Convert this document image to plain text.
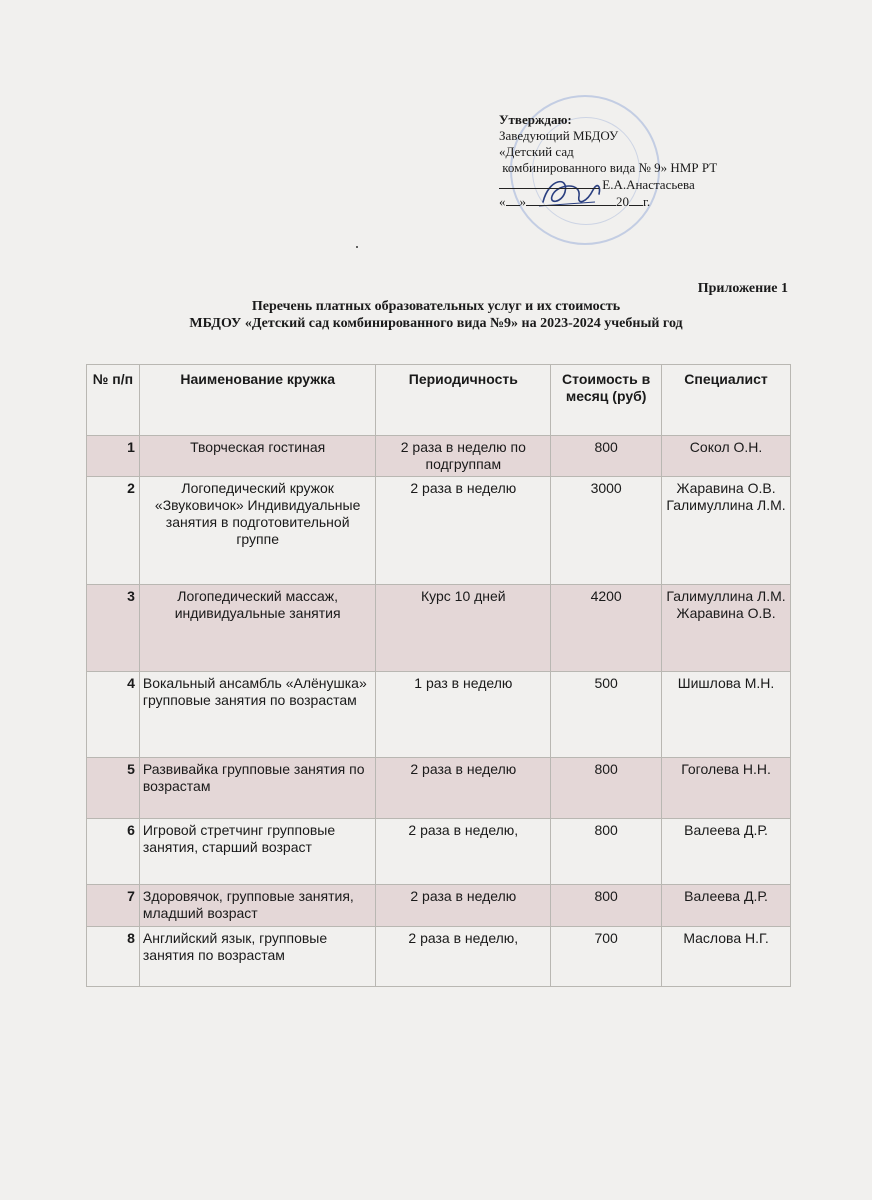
Утверждаю:
Заведующий МБДОУ
«Детский сад
комбинированного вида № 9» НМР РТ
Е.А.Анастасьева
« »	20 г.
Приложение 1
Перечень платных образовательных услуг и их стоимость
МБДОУ «Детский сад комбинированного вида №9» на 2023-2024 учебный год
№ п/п	Наименование кружка	Периодичность	Стоимость в месяц (руб)	Специалист
1	Творческая гостиная	2 раза в неделю по подгруппам	800	Сокол О.Н.
2	Логопедический кружок «Звуковичок» Индивидуальные занятия в подготовительной группе	2 раза в неделю	3000	Жаравина О.В. Галимуллина Л.М.
3	Логопедический массаж, индивидуальные занятия	Курс 10 дней	4200	Галимуллина Л.М. Жаравина О.В.
4	Вокальный ансамбль «Алёнушка» групповые занятия по возрастам	1 раз в неделю	500	Шишлова М.Н.
5	Развивайка групповые занятия по возрастам	2 раза в неделю	800	Гоголева Н.Н.
6	Игровой стретчинг групповые занятия, старший возраст	2 раза в неделю,	800	Валеева Д.Р.
7	Здоровячок, групповые занятия, младший возраст	2 раза в неделю	800	Валеева Д.Р.
8	Английский язык, групповые занятия по возрастам	2 раза в неделю,	700	Маслова Н.Г.
